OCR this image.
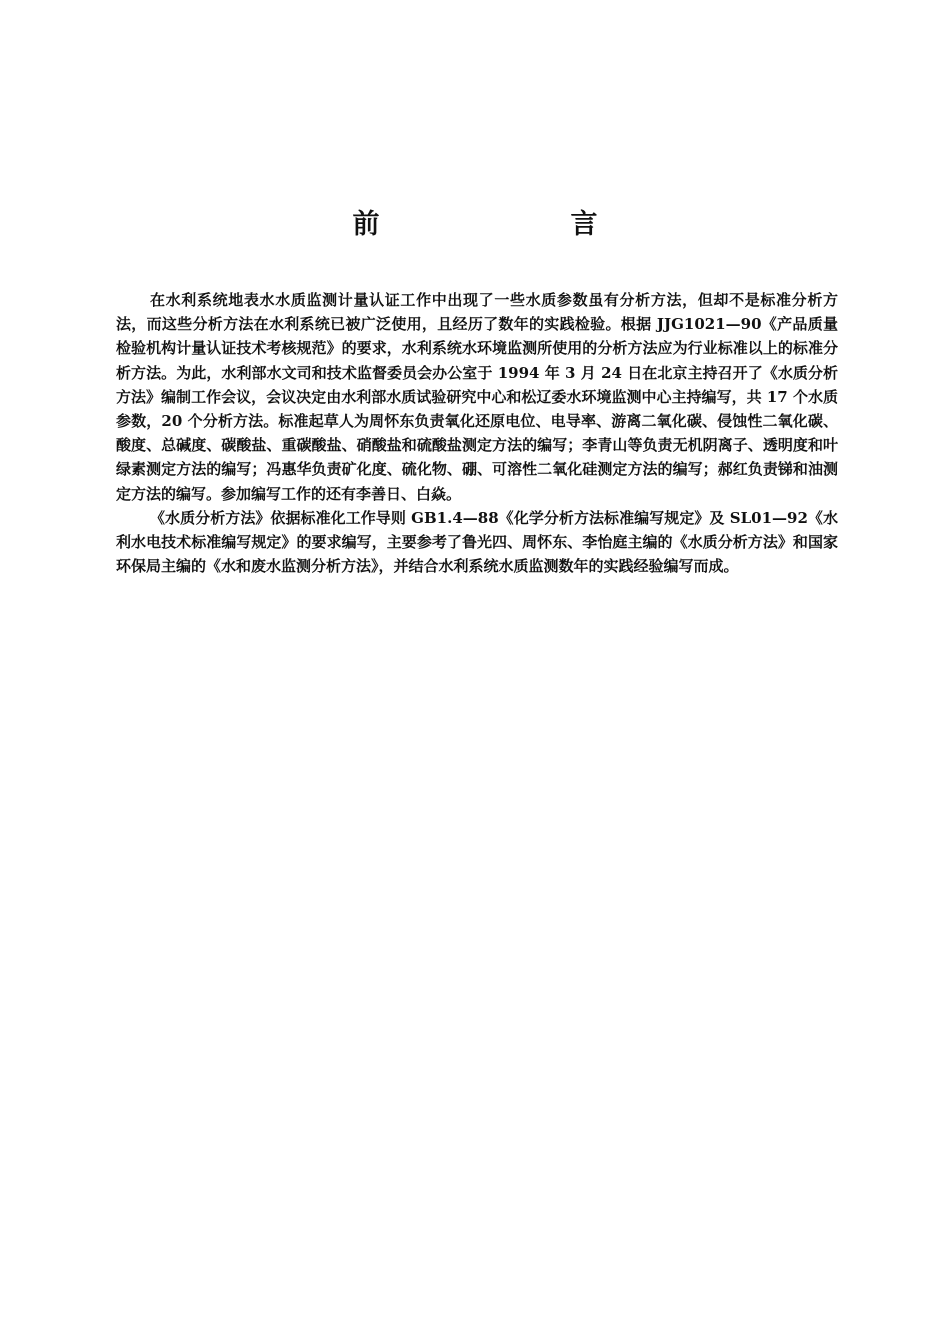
前　言

在水利系统地表水水质监测计量认证工作中出现了一些水质参数虽有分析方法，但却不是标准分析方法，而这些分析方法在水利系统已被广泛使用，且经历了数年的实践检验。根据 JJG1021—90《产品质量检验机构计量认证技术考核规范》的要求，水利系统水环境监测所使用的分析方法应为行业标准以上的标准分析方法。为此，水利部水文司和技术监督委员会办公室于 1994 年 3 月 24 日在北京主持召开了《水质分析方法》编制工作会议，会议决定由水利部水质试验研究中心和松辽委水环境监测中心主持编写，共 17 个水质参数，20 个分析方法。标准起草人为周怀东负责氧化还原电位、电导率、游离二氧化碳、侵蚀性二氧化碳、酸度、总碱度、碳酸盐、重碳酸盐、硝酸盐和硫酸盐测定方法的编写；李青山等负责无机阴离子、透明度和叶绿素测定方法的编写；冯惠华负责矿化度、硫化物、硼、可溶性二氧化硅测定方法的编写；郝红负责锑和油测定方法的编写。参加编写工作的还有李善日、白焱。

《水质分析方法》依据标准化工作导则 GB1.4—88《化学分析方法标准编写规定》及 SL01—92《水利水电技术标准编写规定》的要求编写，主要参考了鲁光四、周怀东、李怡庭主编的《水质分析方法》和国家环保局主编的《水和废水监测分析方法》，并结合水利系统水质监测数年的实践经验编写而成。
